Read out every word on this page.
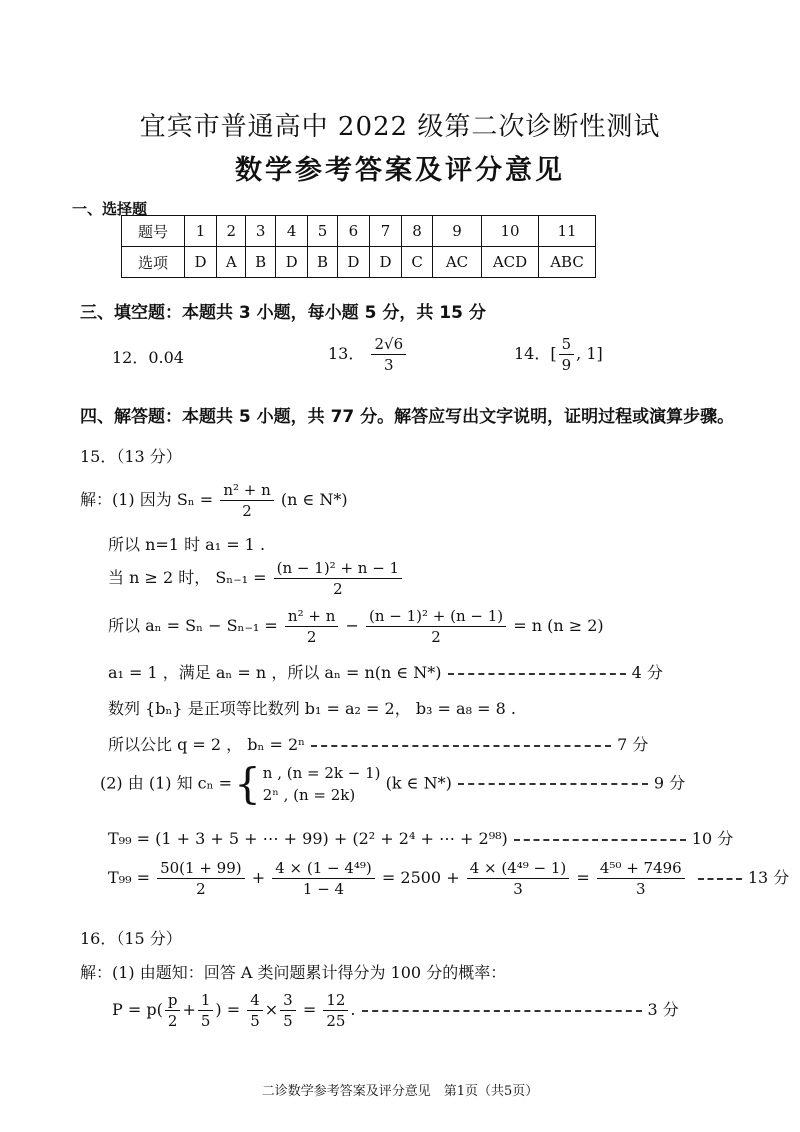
宜宾市普通高中 2022 级第二次诊断性测试
数学参考答案及评分意见
一、选择题
题号	1	2	3	4	5	6	7	8	9	10	11
选项	D	A	B	D	B	D	D	C	AC	ACD	ABC
三、填空题：本题共 3 小题，每小题 5 分，共 15 分
12．0.04	13． $\frac{2√6}{3}$	14．[ $\frac{5}{9}$ , 1]
四、解答题：本题共 5 小题，共 77 分。解答应写出文字说明，证明过程或演算步骤。
15．（13 分）
解：(1) 因为 $S_n = \frac{\text{n² + n}}{2} (n$ ∈ N*)
所以 n=1 时 a₁ = 1 .
当 n ≥ 2 时， $S_{n-1} = \frac{\text{(n − 1)² + n − 1}}{2}$
所以 $a_n = S_n - S_{n-1} = \frac{\text{n² + n}}{2} - \frac{\text{(n − 1)² + (n − 1)}}{2} = n$ (n ≥ 2)
a₁ = 1 ，满足 aₙ = n ，所以 aₙ = n(n ∈ N*)	4 分
数列 {bₙ} 是正项等比数列 b₁ = a₂ = 2， b₃ = a₈ = 8 .
所以公比 q = 2 ， bₙ = 2ⁿ	7 分
(2) 由 (1) 知 cₙ ={ n , (n = 2k − 1)
2ⁿ , (n = 2k)
(k ∈ N*)	9 分
T₉₉ = (1 + 3 + 5 + ⋯ + 99) + (2² + 2⁴ + ⋯ + 2⁹⁸)	10 分
$T_{99} = \frac{50(1 + 99)}{2} + \frac{\text{4 × (1 − 4⁴⁹)}}{1 - 4} = 2500 + \frac{\text{4 × (4⁴⁹ − 1)}}{3} = \frac{\text{4⁵⁰ + 7496}}{3}$	13 分
16．（15 分）
解：(1) 由题知：回答 A 类问题累计得分为 100 分的概率：
$P = p( \frac{p}{2} + \frac{1}{5}$ ) = $\frac{4}{5} \times \frac{3}{5} = \frac{12}{25}$ .	3 分
二诊数学参考答案及评分意见　第1页（共5页）
